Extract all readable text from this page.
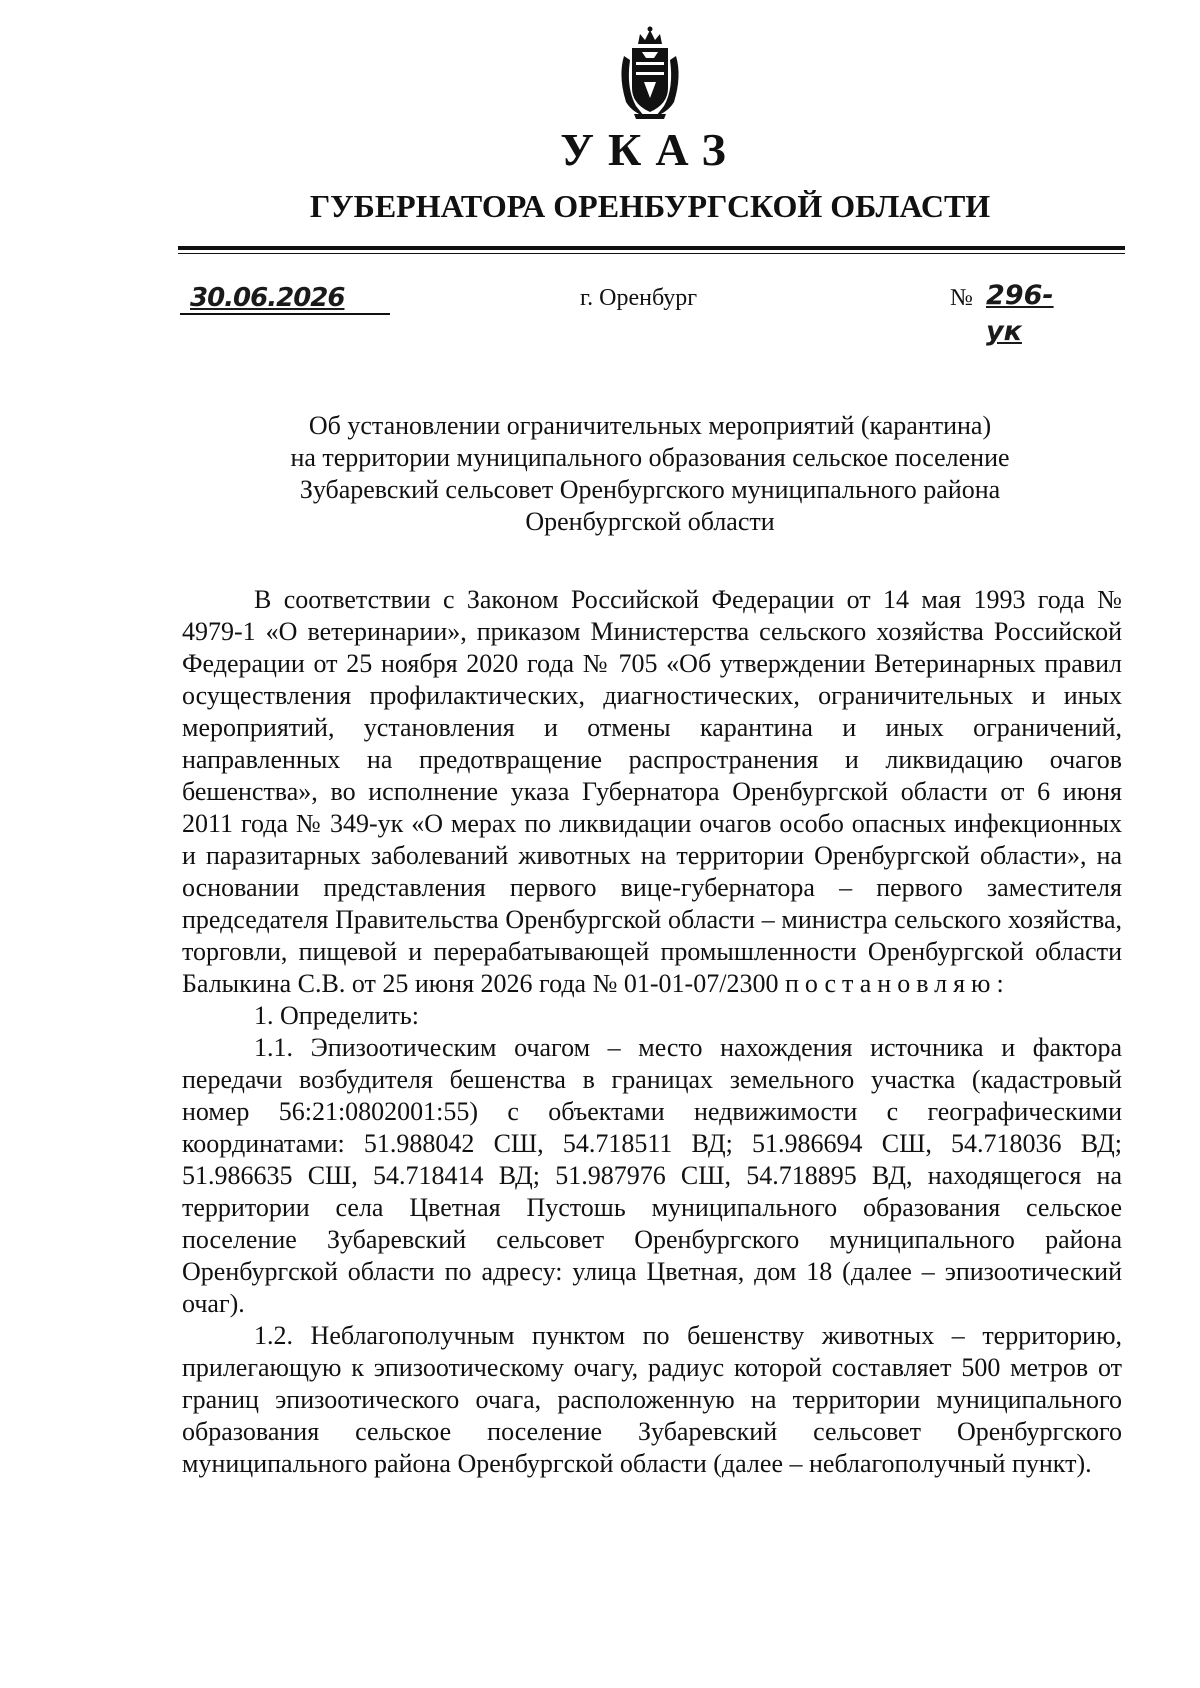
УКАЗ
ГУБЕРНАТОРА ОРЕНБУРГСКОЙ ОБЛАСТИ
30.06.2026	г. Оренбург	№ 296-ук
Об установлении ограничительных мероприятий (карантина)
на территории муниципального образования сельское поселение
Зубаревский сельсовет Оренбургского муниципального района
Оренбургской области

В соответствии с Законом Российской Федерации от 14 мая 1993 года № 4979-1 «О ветеринарии», приказом Министерства сельского хозяйства Российской Федерации от 25 ноября 2020 года № 705 «Об утверждении Ветеринарных правил осуществления профилактических, диагностических, ограничительных и иных мероприятий, установления и отмены карантина и иных ограничений, направленных на предотвращение распространения и ликвидацию очагов бешенства», во исполнение указа Губернатора Оренбургской области от 6 июня 2011 года № 349-ук «О мерах по ликвидации очагов особо опасных инфекционных и паразитарных заболеваний животных на территории Оренбургской области», на основании представления первого вице-губернатора – первого заместителя председателя Правительства Оренбургской области – министра сельского хозяйства, торговли, пищевой и перерабатывающей промышленности Оренбургской области Балыкина С.В. от 25 июня 2026 года № 01-01-07/2300 постановляю:

1. Определить:

1.1. Эпизоотическим очагом – место нахождения источника и фактора передачи возбудителя бешенства в границах земельного участка (кадастровый номер 56:21:0802001:55) с объектами недвижимости с географическими координатами: 51.988042 СШ, 54.718511 ВД; 51.986694 СШ, 54.718036 ВД; 51.986635 СШ, 54.718414 ВД; 51.987976 СШ, 54.718895 ВД, находящегося на территории села Цветная Пустошь муниципального образования сельское поселение Зубаревский сельсовет Оренбургского муниципального района Оренбургской области по адресу: улица Цветная, дом 18 (далее – эпизоотический очаг).

1.2. Неблагополучным пунктом по бешенству животных – территорию, прилегающую к эпизоотическому очагу, радиус которой составляет 500 метров от границ эпизоотического очага, расположенную на территории муниципального образования сельское поселение Зубаревский сельсовет Оренбургского муниципального района Оренбургской области (далее – неблагополучный пункт).
